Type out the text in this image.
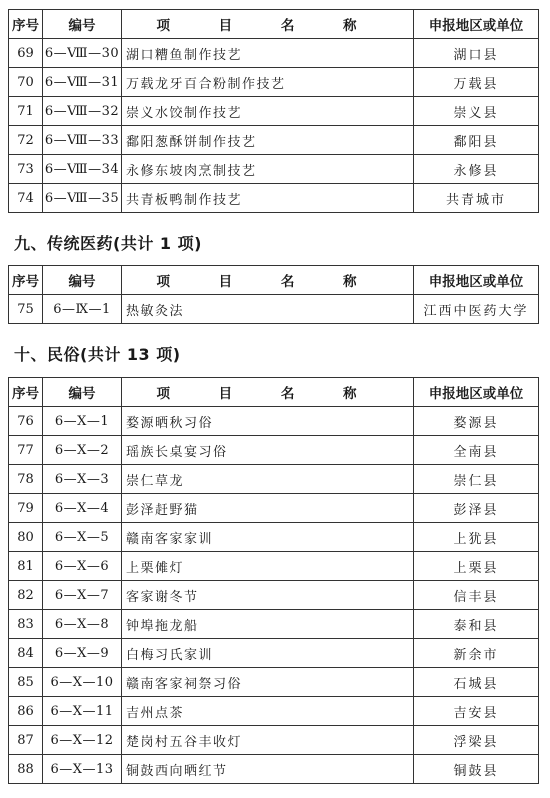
序号	编号	项 目 名 称	申报地区或单位
69	6—Ⅷ—30	湖口糟鱼制作技艺	湖口县
70	6—Ⅷ—31	万载龙牙百合粉制作技艺	万载县
71	6—Ⅷ—32	崇义水饺制作技艺	崇义县
72	6—Ⅷ—33	鄱阳葱酥饼制作技艺	鄱阳县
73	6—Ⅷ—34	永修东坡肉烹制技艺	永修县
74	6—Ⅷ—35	共青板鸭制作技艺	共青城市
九、传统医药(共计 1 项)
序号	编号	项 目 名 称	申报地区或单位
75	6—Ⅸ—1	热敏灸法	江西中医药大学
十、民俗(共计 13 项)
序号	编号	项 目 名 称	申报地区或单位
76	6—Ⅹ—1	婺源晒秋习俗	婺源县
77	6—Ⅹ—2	瑶族长桌宴习俗	全南县
78	6—Ⅹ—3	崇仁草龙	崇仁县
79	6—Ⅹ—4	彭泽赶野猫	彭泽县
80	6—Ⅹ—5	赣南客家家训	上犹县
81	6—Ⅹ—6	上栗傩灯	上栗县
82	6—Ⅹ—7	客家谢冬节	信丰县
83	6—Ⅹ—8	钟埠拖龙船	泰和县
84	6—Ⅹ—9	白梅习氏家训	新余市
85	6—Ⅹ—10	赣南客家祠祭习俗	石城县
86	6—Ⅹ—11	吉州点茶	吉安县
87	6—Ⅹ—12	楚岗村五谷丰收灯	浮梁县
88	6—Ⅹ—13	铜鼓西向晒红节	铜鼓县
